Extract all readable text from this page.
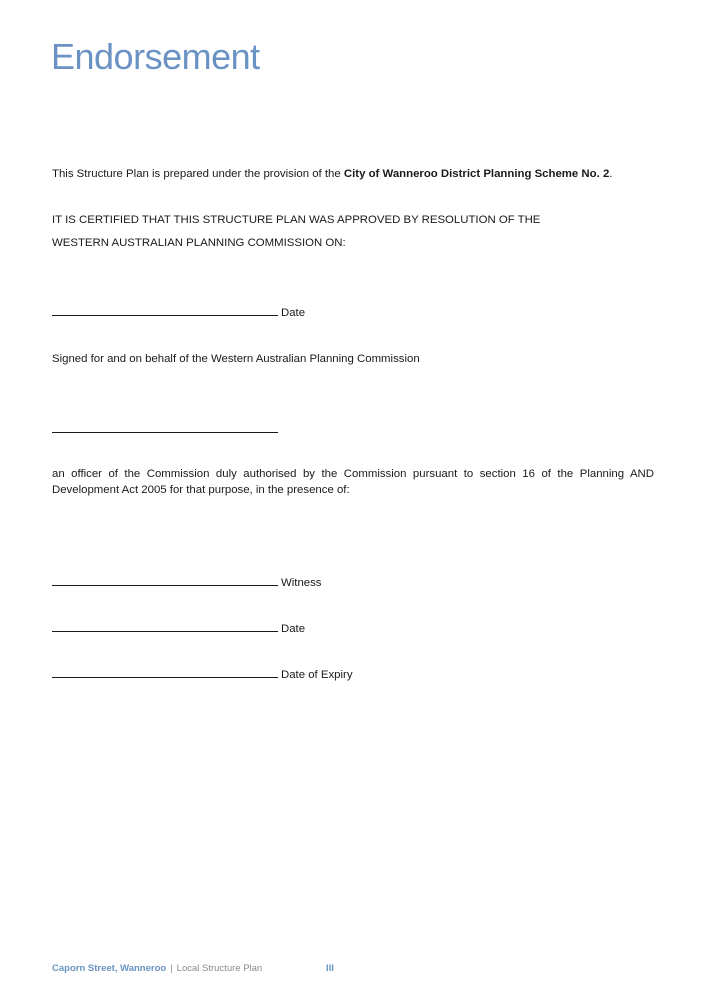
Endorsement
This Structure Plan is prepared under the provision of the City of Wanneroo District Planning Scheme No. 2.
IT IS CERTIFIED THAT THIS STRUCTURE PLAN WAS APPROVED BY RESOLUTION OF THE
WESTERN AUSTRALIAN PLANNING COMMISSION ON:
Date
Signed for and on behalf of the Western Australian Planning Commission
an officer of the Commission duly authorised by the Commission pursuant to section 16 of the Planning AND Development Act 2005 for that purpose, in the presence of:
Witness
Date
Date of Expiry
Caporn Street, Wanneroo | Local Structure Plan	III
